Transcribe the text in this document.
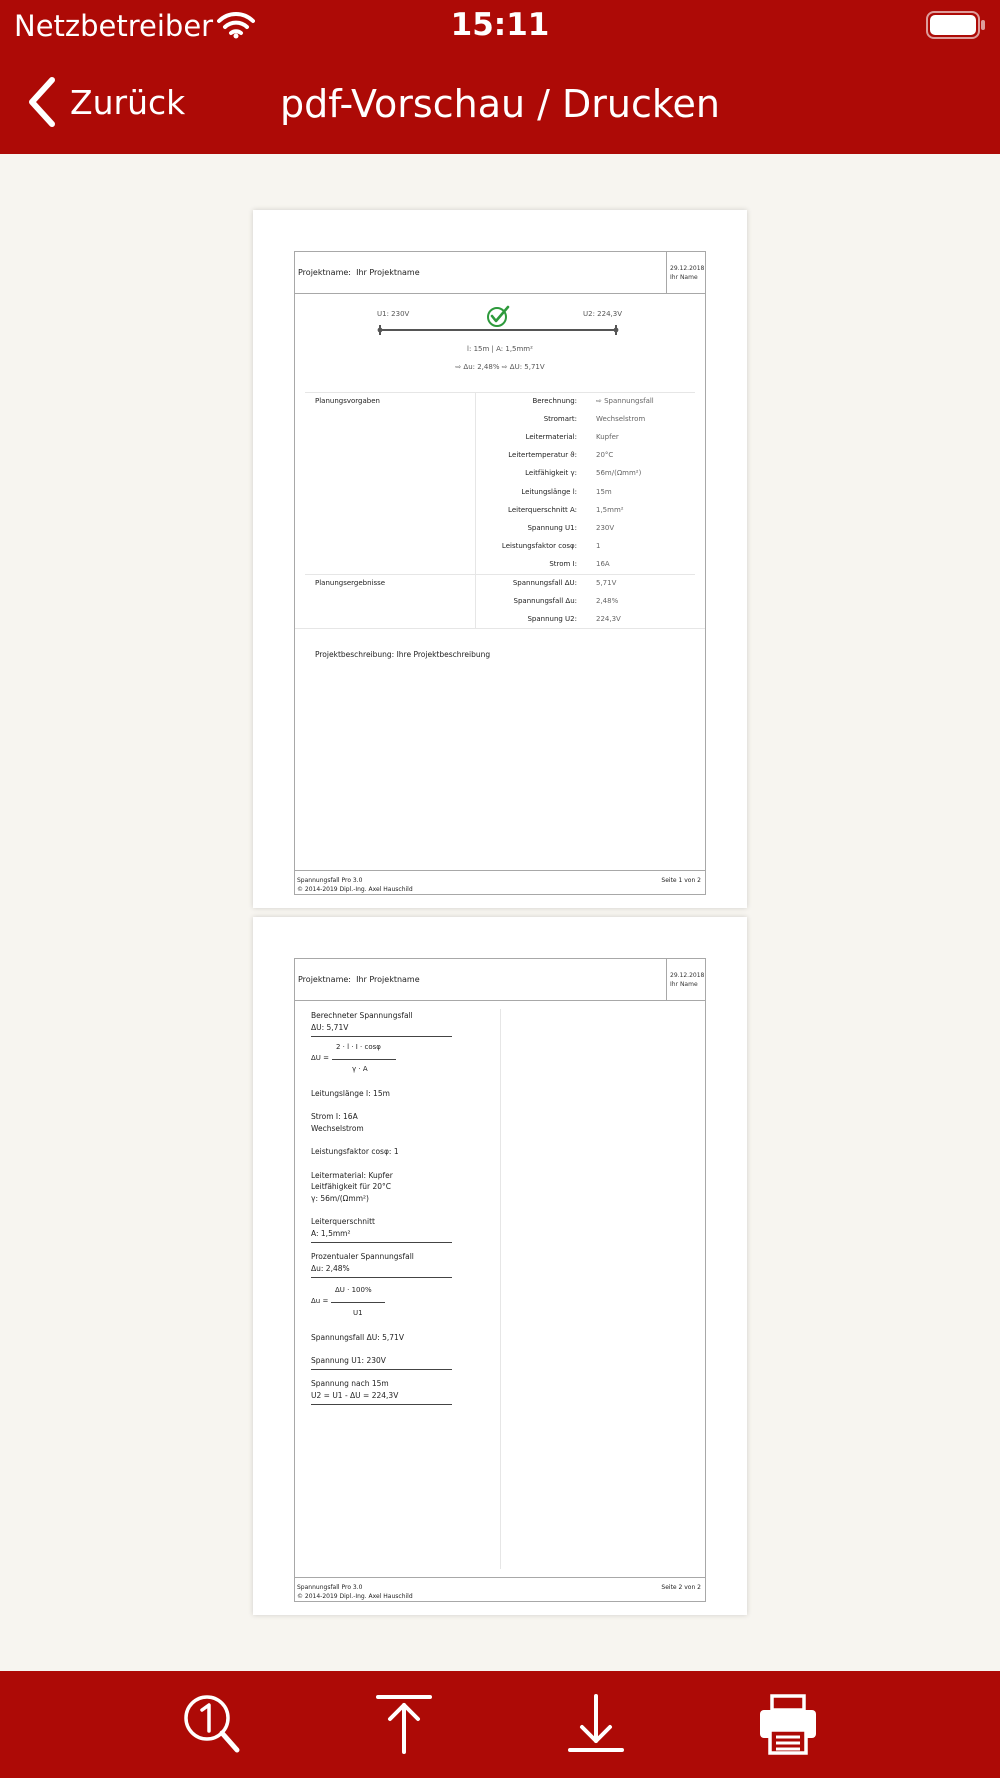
Netzbetreiber	15:11
Zurück	pdf-Vorschau / Drucken
Projektname: Ihr Projektname	29.12.2018
Ihr Name
U1: 230V	U2: 224,3V
l: 15m | A: 1,5mm²
⇨ Δu: 2,48% ⇨ ΔU: 5,71V
Planungsvorgaben	Berechnung:	⇨ Spannungsfall
Stromart:	Wechselstrom
Leitermaterial:	Kupfer
Leitertemperatur ϑ:	20°C
Leitfähigkeit γ:	56m/(Ωmm²)
Leitungslänge l:	15m
Leiterquerschnitt A:	1,5mm²
Spannung U1:	230V
Leistungsfaktor cosφ:	1
Strom I:	16A
Planungsergebnisse	Spannungsfall ΔU:	5,71V
Spannungsfall Δu:	2,48%
Spannung U2:	224,3V
Projektbeschreibung: Ihre Projektbeschreibung
Spannungsfall Pro 3.0
© 2014-2019 Dipl.-Ing. Axel Hauschild
Seite 1 von 2
Projektname: Ihr Projektname	29.12.2018
Ihr Name
Berechneter Spannungsfall
ΔU: 5,71V
2 · l · I · cosφ
ΔU =
γ · A
Leitungslänge l: 15m
Strom I: 16A
Wechselstrom
Leistungsfaktor cosφ: 1
Leitermaterial: Kupfer
Leitfähigkeit für 20°C
γ: 56m/(Ωmm²)
Leiterquerschnitt
A: 1,5mm²
Prozentualer Spannungsfall
Δu: 2,48%
ΔU · 100%
Δu =
U1
Spannungsfall ΔU: 5,71V
Spannung U1: 230V
Spannung nach 15m
U2 = U1 - ΔU = 224,3V
Spannungsfall Pro 3.0
© 2014-2019 Dipl.-Ing. Axel Hauschild
Seite 2 von 2
